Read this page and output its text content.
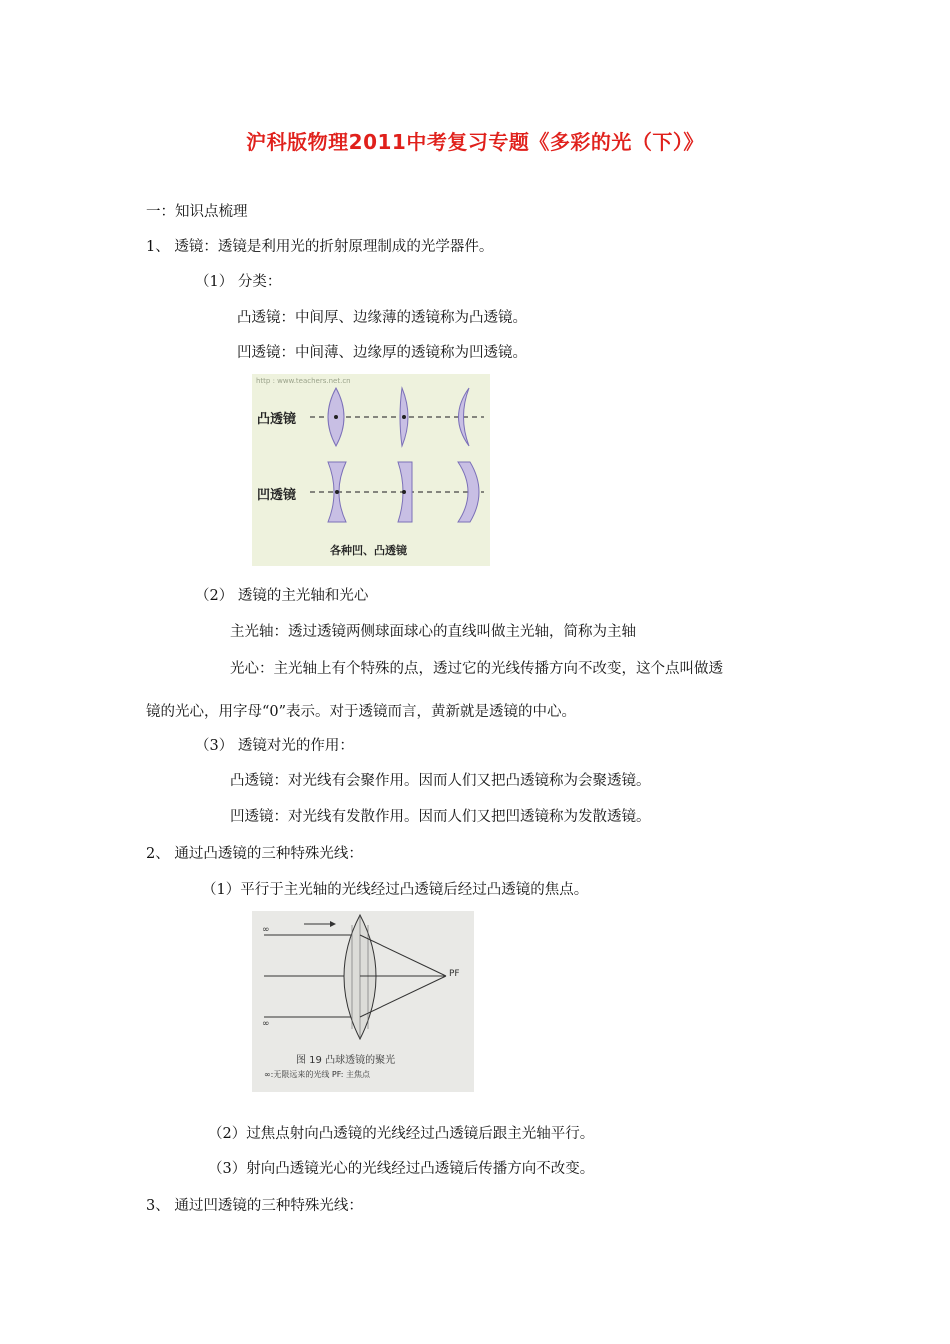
沪科版物理2011中考复习专题《多彩的光（下）》
一：知识点梳理
1、 透镜：透镜是利用光的折射原理制成的光学器件。
（1） 分类：
凸透镜：中间厚、边缘薄的透镜称为凸透镜。
凹透镜：中间薄、边缘厚的透镜称为凹透镜。
http : www.teachers.net.cn
凸透镜
凹透镜
各种凹、凸透镜
（2） 透镜的主光轴和光心
主光轴：透过透镜两侧球面球心的直线叫做主光轴，简称为主轴
光心：主光轴上有个特殊的点，透过它的光线传播方向不改变，这个点叫做透
镜的光心，用字母“0”表示。对于透镜而言，黄新就是透镜的中心。
（3） 透镜对光的作用：
凸透镜：对光线有会聚作用。因而人们又把凸透镜称为会聚透镜。
凹透镜：对光线有发散作用。因而人们又把凹透镜称为发散透镜。
2、 通过凸透镜的三种特殊光线：
（1）平行于主光轴的光线经过凸透镜后经过凸透镜的焦点。
∞
∞
PF
图 19 凸球透镜的聚光
∞:无限远来的光线 PF: 主焦点
（2）过焦点射向凸透镜的光线经过凸透镜后跟主光轴平行。
（3）射向凸透镜光心的光线经过凸透镜后传播方向不改变。
3、 通过凹透镜的三种特殊光线：
